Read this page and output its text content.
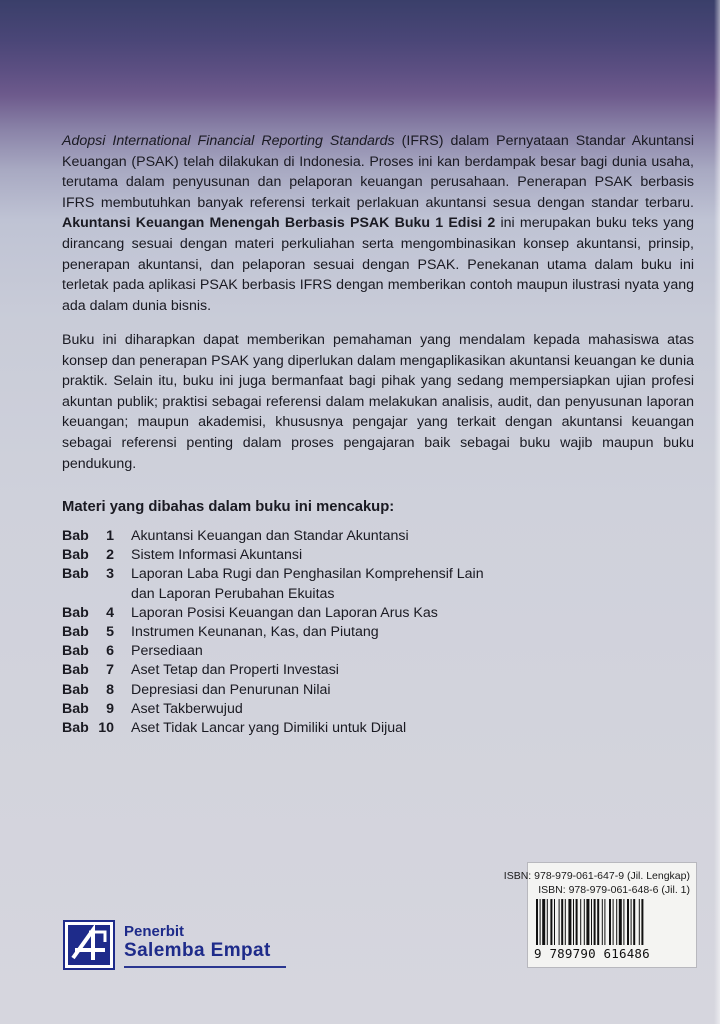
Adopsi International Financial Reporting Standards (IFRS) dalam Pernyataan Standar Akuntansi Keuangan (PSAK) telah dilakukan di Indonesia. Proses ini kan berdampak besar bagi dunia usaha, terutama dalam penyusunan dan pelaporan keuangan perusahaan. Penerapan PSAK berbasis IFRS membutuhkan banyak referensi terkait perlakuan akuntansi sesua dengan standar terbaru. Akuntansi Keuangan Menengah Berbasis PSAK Buku 1 Edisi 2 ini merupakan buku teks yang dirancang sesuai dengan materi perkuliahan serta mengombinasikan konsep akuntansi, prinsip, penerapan akuntansi, dan pelaporan sesuai dengan PSAK. Penekanan utama dalam buku ini terletak pada aplikasi PSAK berbasis IFRS dengan memberikan contoh maupun ilustrasi nyata yang ada dalam dunia bisnis.
Buku ini diharapkan dapat memberikan pemahaman yang mendalam kepada mahasiswa atas konsep dan penerapan PSAK yang diperlukan dalam mengaplikasikan akuntansi keuangan ke dunia praktik. Selain itu, buku ini juga bermanfaat bagi pihak yang sedang mempersiapkan ujian profesi akuntan publik; praktisi sebagai referensi dalam melakukan analisis, audit, dan penyusunan laporan keuangan; maupun akademisi, khususnya pengajar yang terkait dengan akuntansi keuangan sebagai referensi penting dalam proses pengajaran baik sebagai buku wajib maupun buku pendukung.
Materi yang dibahas dalam buku ini mencakup:
Bab	1 Akuntansi Keuangan dan Standar Akuntansi
Bab	2 Sistem Informasi Akuntansi
Bab	3 Laporan Laba Rugi dan Penghasilan Komprehensif Lain
dan Laporan Perubahan Ekuitas
Bab	4 Laporan Posisi Keuangan dan Laporan Arus Kas
Bab	5 Instrumen Keunanan, Kas, dan Piutang
Bab	6 Persediaan
Bab	7 Aset Tetap dan Properti Investasi
Bab	8 Depresiasi dan Penurunan Nilai
Bab	9 Aset Takberwujud
Bab 10 Aset Tidak Lancar yang Dimiliki untuk Dijual
ISBN: 978-979-061-647-9 (Jil. Lengkap)
ISBN: 978-979-061-648-6 (Jil. 1)
9 789790 616486
Penerbit
Salemba Empat
